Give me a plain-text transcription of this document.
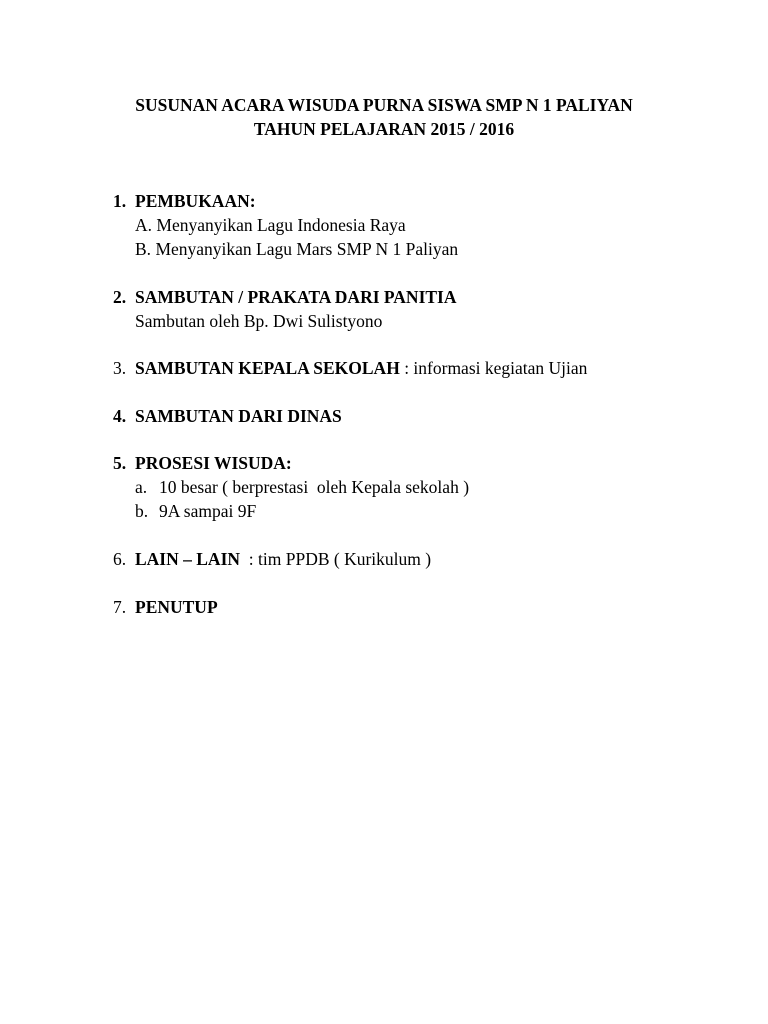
SUSUNAN ACARA WISUDA PURNA SISWA SMP N 1 PALIYAN
TAHUN PELAJARAN 2015 / 2016
1. PEMBUKAAN:
A. Menyanyikan Lagu Indonesia Raya
B. Menyanyikan Lagu Mars SMP N 1 Paliyan
2. SAMBUTAN / PRAKATA DARI PANITIA
Sambutan oleh Bp. Dwi Sulistyono
3. SAMBUTAN KEPALA SEKOLAH : informasi kegiatan Ujian
4. SAMBUTAN DARI DINAS
5. PROSESI WISUDA:
a. 10 besar ( berprestasi  oleh Kepala sekolah )
b. 9A sampai 9F
6. LAIN – LAIN  : tim PPDB ( Kurikulum )
7. PENUTUP
